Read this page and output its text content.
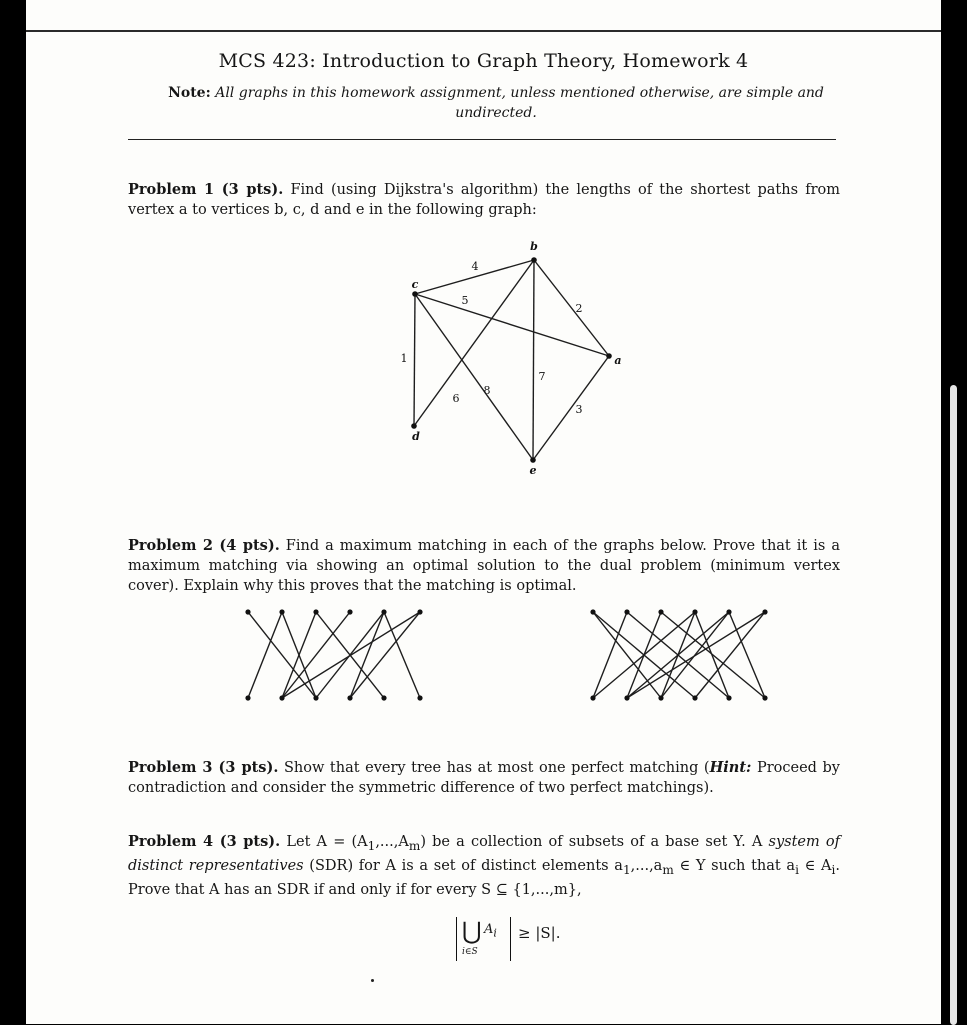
MCS 423: Introduction to Graph Theory, Homework 4
Note: All graphs in this homework assignment, unless mentioned otherwise, are simple and undirected.
Problem 1 (3 pts). Find (using Dijkstra's algorithm) the lengths of the shortest paths from vertex a to vertices b, c, d and e in the following graph:
4
5
1
8
2
7
6
3
a
b
c
d
e
Problem 2 (4 pts). Find a maximum matching in each of the graphs below. Prove that it is a maximum matching via showing an optimal solution to the dual problem (minimum vertex cover). Explain why this proves that the matching is optimal.
Problem 3 (3 pts). Show that every tree has at most one perfect matching (Hint: Proceed by contradiction and consider the symmetric difference of two perfect matchings).
Problem 4 (3 pts). Let $A = (A_1,...,A_m)$ be a collection of subsets of a base set Y. A system of distinct representatives (SDR) for A is a set of distinct elements $a_1,...,a_m$ ∈ Y such that $a_i$ ∈ $A_i$. Prove that A has an SDR if and only if for every S ⊆ {1,...,m},
⋃ $A_i$
i∈S
≥ |S|.
